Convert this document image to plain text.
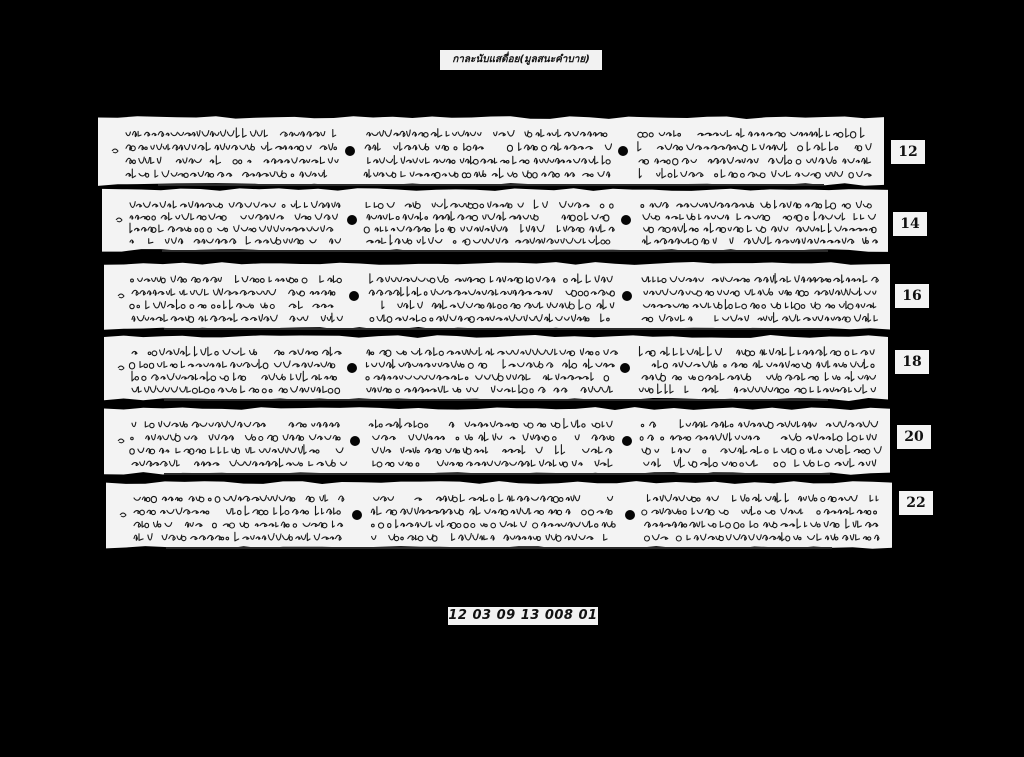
กาละนับแสดื่อย(มูลสนะคำบาย)
12
14
16
18
20
22
12 03 09 13 008 01
